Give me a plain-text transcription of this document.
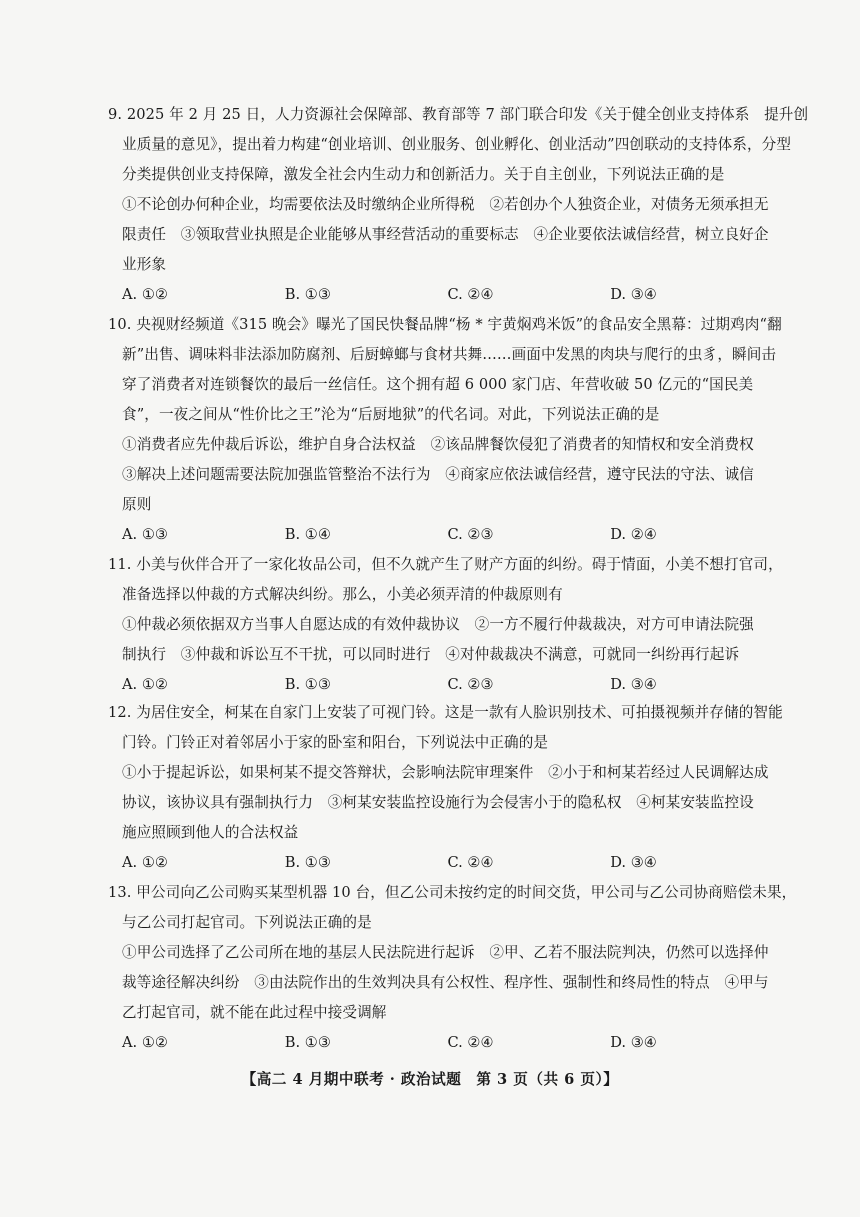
9. 2025 年 2 月 25 日，人力资源社会保障部、教育部等 7 部门联合印发《关于健全创业支持体系　提升创
业质量的意见》，提出着力构建“创业培训、创业服务、创业孵化、创业活动”四创联动的支持体系，分型
分类提供创业支持保障，激发全社会内生动力和创新活力。关于自主创业，下列说法正确的是
①不论创办何种企业，均需要依法及时缴纳企业所得税　②若创办个人独资企业，对债务无须承担无
限责任　③领取营业执照是企业能够从事经营活动的重要标志　④企业要依法诚信经营，树立良好企
业形象
A. ①②	B. ①③	C. ②④	D. ③④
10. 央视财经频道《315 晚会》曝光了国民快餐品牌“杨 * 宇黄焖鸡米饭”的食品安全黑幕：过期鸡肉“翻
新”出售、调味料非法添加防腐剂、后厨蟑螂与食材共舞……画面中发黑的肉块与爬行的虫豸，瞬间击
穿了消费者对连锁餐饮的最后一丝信任。这个拥有超 6 000 家门店、年营收破 50 亿元的“国民美
食”，一夜之间从“性价比之王”沦为“后厨地狱”的代名词。对此，下列说法正确的是
①消费者应先仲裁后诉讼，维护自身合法权益　②该品牌餐饮侵犯了消费者的知情权和安全消费权
③解决上述问题需要法院加强监管整治不法行为　④商家应依法诚信经营，遵守民法的守法、诚信
原则
A. ①③	B. ①④	C. ②③	D. ②④
11. 小美与伙伴合开了一家化妆品公司，但不久就产生了财产方面的纠纷。碍于情面，小美不想打官司，
准备选择以仲裁的方式解决纠纷。那么，小美必须弄清的仲裁原则有
①仲裁必须依据双方当事人自愿达成的有效仲裁协议　②一方不履行仲裁裁决，对方可申请法院强
制执行　③仲裁和诉讼互不干扰，可以同时进行　④对仲裁裁决不满意，可就同一纠纷再行起诉
A. ①②	B. ①③	C. ②③	D. ③④
12. 为居住安全，柯某在自家门上安装了可视门铃。这是一款有人脸识别技术、可拍摄视频并存储的智能
门铃。门铃正对着邻居小于家的卧室和阳台，下列说法中正确的是
①小于提起诉讼，如果柯某不提交答辩状，会影响法院审理案件　②小于和柯某若经过人民调解达成
协议，该协议具有强制执行力　③柯某安装监控设施行为会侵害小于的隐私权　④柯某安装监控设
施应照顾到他人的合法权益
A. ①②	B. ①③	C. ②④	D. ③④
13. 甲公司向乙公司购买某型机器 10 台，但乙公司未按约定的时间交货，甲公司与乙公司协商赔偿未果，
与乙公司打起官司。下列说法正确的是
①甲公司选择了乙公司所在地的基层人民法院进行起诉　②甲、乙若不服法院判决，仍然可以选择仲
裁等途径解决纠纷　③由法院作出的生效判决具有公权性、程序性、强制性和终局性的特点　④甲与
乙打起官司，就不能在此过程中接受调解
A. ①②	B. ①③	C. ②④	D. ③④
【高二 4 月期中联考 · 政治试题　第 3 页（共 6 页）】
